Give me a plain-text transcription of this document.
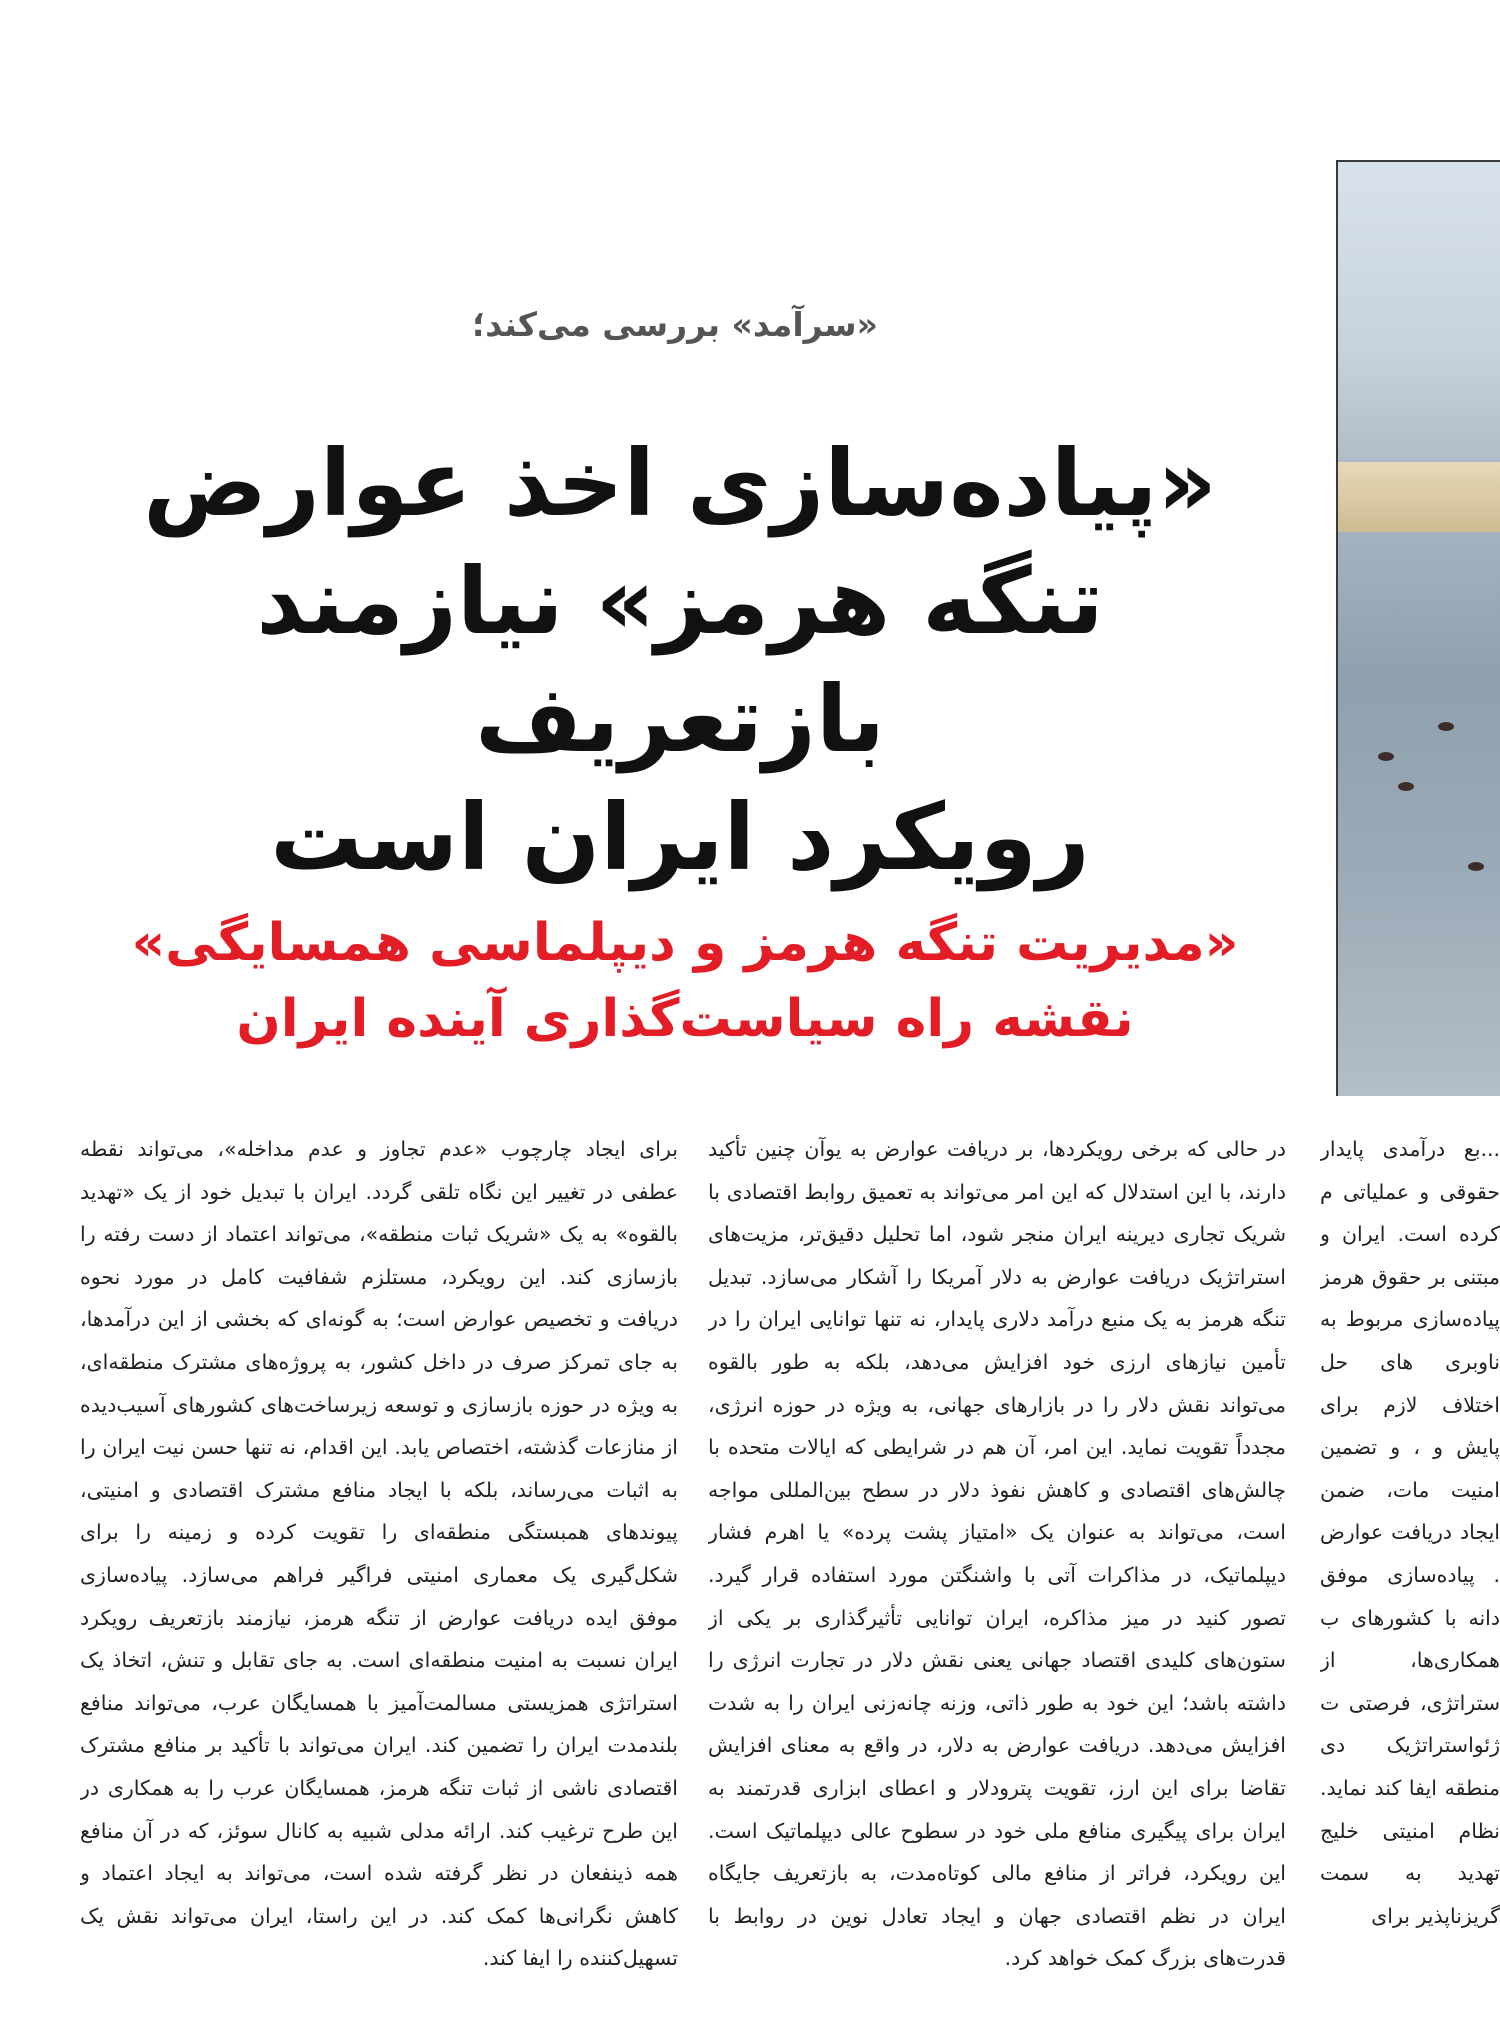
«سرآمد» بررسی می‌کند؛
«پیاده‌سازی اخذ عوارض
تنگه هرمز» نیازمند بازتعریف
رویکرد ایران است
«مدیریت تنگه هرمز و دیپلماسی همسایگی»
نقشه راه سیاست‌گذاری آینده ایران

...بع درآمدی پایدار حقوقی و عملیاتی م کرده است. ایران و مبتنی بر حقوق هرمز پیاده‌سازی مربوط به ناوبری های حل اختلاف لازم برای پایش و ، و تضمین امنیت مات، ضمن ایجاد دریافت عوارض . پیاده‌سازی موفق دانه با کشورهای ب همکاری‌ها، از ستراتژی، فرصتی ت ژئواستراتژیک دی منطقه ایفا کند نماید. نظام امنیتی خلیج تهدید به سمت گریزناپذیر برای

در حالی که برخی رویکردها، بر دریافت عوارض به یوآن چنین تأکید دارند، با این استدلال که این امر می‌تواند به تعمیق روابط اقتصادی با شریک تجاری دیرینه ایران منجر شود، اما تحلیل دقیق‌تر، مزیت‌های استراتژیک دریافت عوارض به دلار آمریکا را آشکار می‌سازد. تبدیل تنگه هرمز به یک منبع درآمد دلاری پایدار، نه تنها توانایی ایران را در تأمین نیازهای ارزی خود افزایش می‌دهد، بلکه به طور بالقوه می‌تواند نقش دلار را در بازارهای جهانی، به ویژه در حوزه انرژی، مجدداً تقویت نماید. این امر، آن هم در شرایطی که ایالات متحده با چالش‌های اقتصادی و کاهش نفوذ دلار در سطح بین‌المللی مواجه است، می‌تواند به عنوان یک «امتیاز پشت پرده» یا اهرم فشار دیپلماتیک، در مذاکرات آتی با واشنگتن مورد استفاده قرار گیرد. تصور کنید در میز مذاکره، ایران توانایی تأثیرگذاری بر یکی از ستون‌های کلیدی اقتصاد جهانی یعنی نقش دلار در تجارت انرژی را داشته باشد؛ این خود به طور ذاتی، وزنه چانه‌زنی ایران را به شدت افزایش می‌دهد. دریافت عوارض به دلار، در واقع به معنای افزایش تقاضا برای این ارز، تقویت پترودلار و اعطای ابزاری قدرتمند به ایران برای پیگیری منافع ملی خود در سطوح عالی دیپلماتیک است. این رویکرد، فراتر از منافع مالی کوتاه‌مدت، به بازتعریف جایگاه ایران در نظم اقتصادی جهان و ایجاد تعادل نوین در روابط با قدرت‌های بزرگ کمک خواهد کرد.

برای ایجاد چارچوب «عدم تجاوز و عدم مداخله»، می‌تواند نقطه عطفی در تغییر این نگاه تلقی گردد. ایران با تبدیل خود از یک «تهدید بالقوه» به یک «شریک ثبات منطقه»، می‌تواند اعتماد از دست رفته را بازسازی کند. این رویکرد، مستلزم شفافیت کامل در مورد نحوه دریافت و تخصیص عوارض است؛ به گونه‌ای که بخشی از این درآمدها، به جای تمرکز صرف در داخل کشور، به پروژه‌های مشترک منطقه‌ای، به ویژه در حوزه بازسازی و توسعه زیرساخت‌های کشورهای آسیب‌دیده از منازعات گذشته، اختصاص یابد. این اقدام، نه تنها حسن نیت ایران را به اثبات می‌رساند، بلکه با ایجاد منافع مشترک اقتصادی و امنیتی، پیوندهای همبستگی منطقه‌ای را تقویت کرده و زمینه را برای شکل‌گیری یک معماری امنیتی فراگیر فراهم می‌سازد. پیاده‌سازی موفق ایده دریافت عوارض از تنگه هرمز، نیازمند بازتعریف رویکرد ایران نسبت به امنیت منطقه‌ای است. به جای تقابل و تنش، اتخاذ یک استراتژی همزیستی مسالمت‌آمیز با همسایگان عرب، می‌تواند منافع بلندمدت ایران را تضمین کند. ایران می‌تواند با تأکید بر منافع مشترک اقتصادی ناشی از ثبات تنگه هرمز، همسایگان عرب را به همکاری در این طرح ترغیب کند. ارائه مدلی شبیه به کانال سوئز، که در آن منافع همه ذینفعان در نظر گرفته شده است، می‌تواند به ایجاد اعتماد و کاهش نگرانی‌ها کمک کند. در این راستا، ایران می‌تواند نقش یک تسهیل‌کننده را ایفا کند.
